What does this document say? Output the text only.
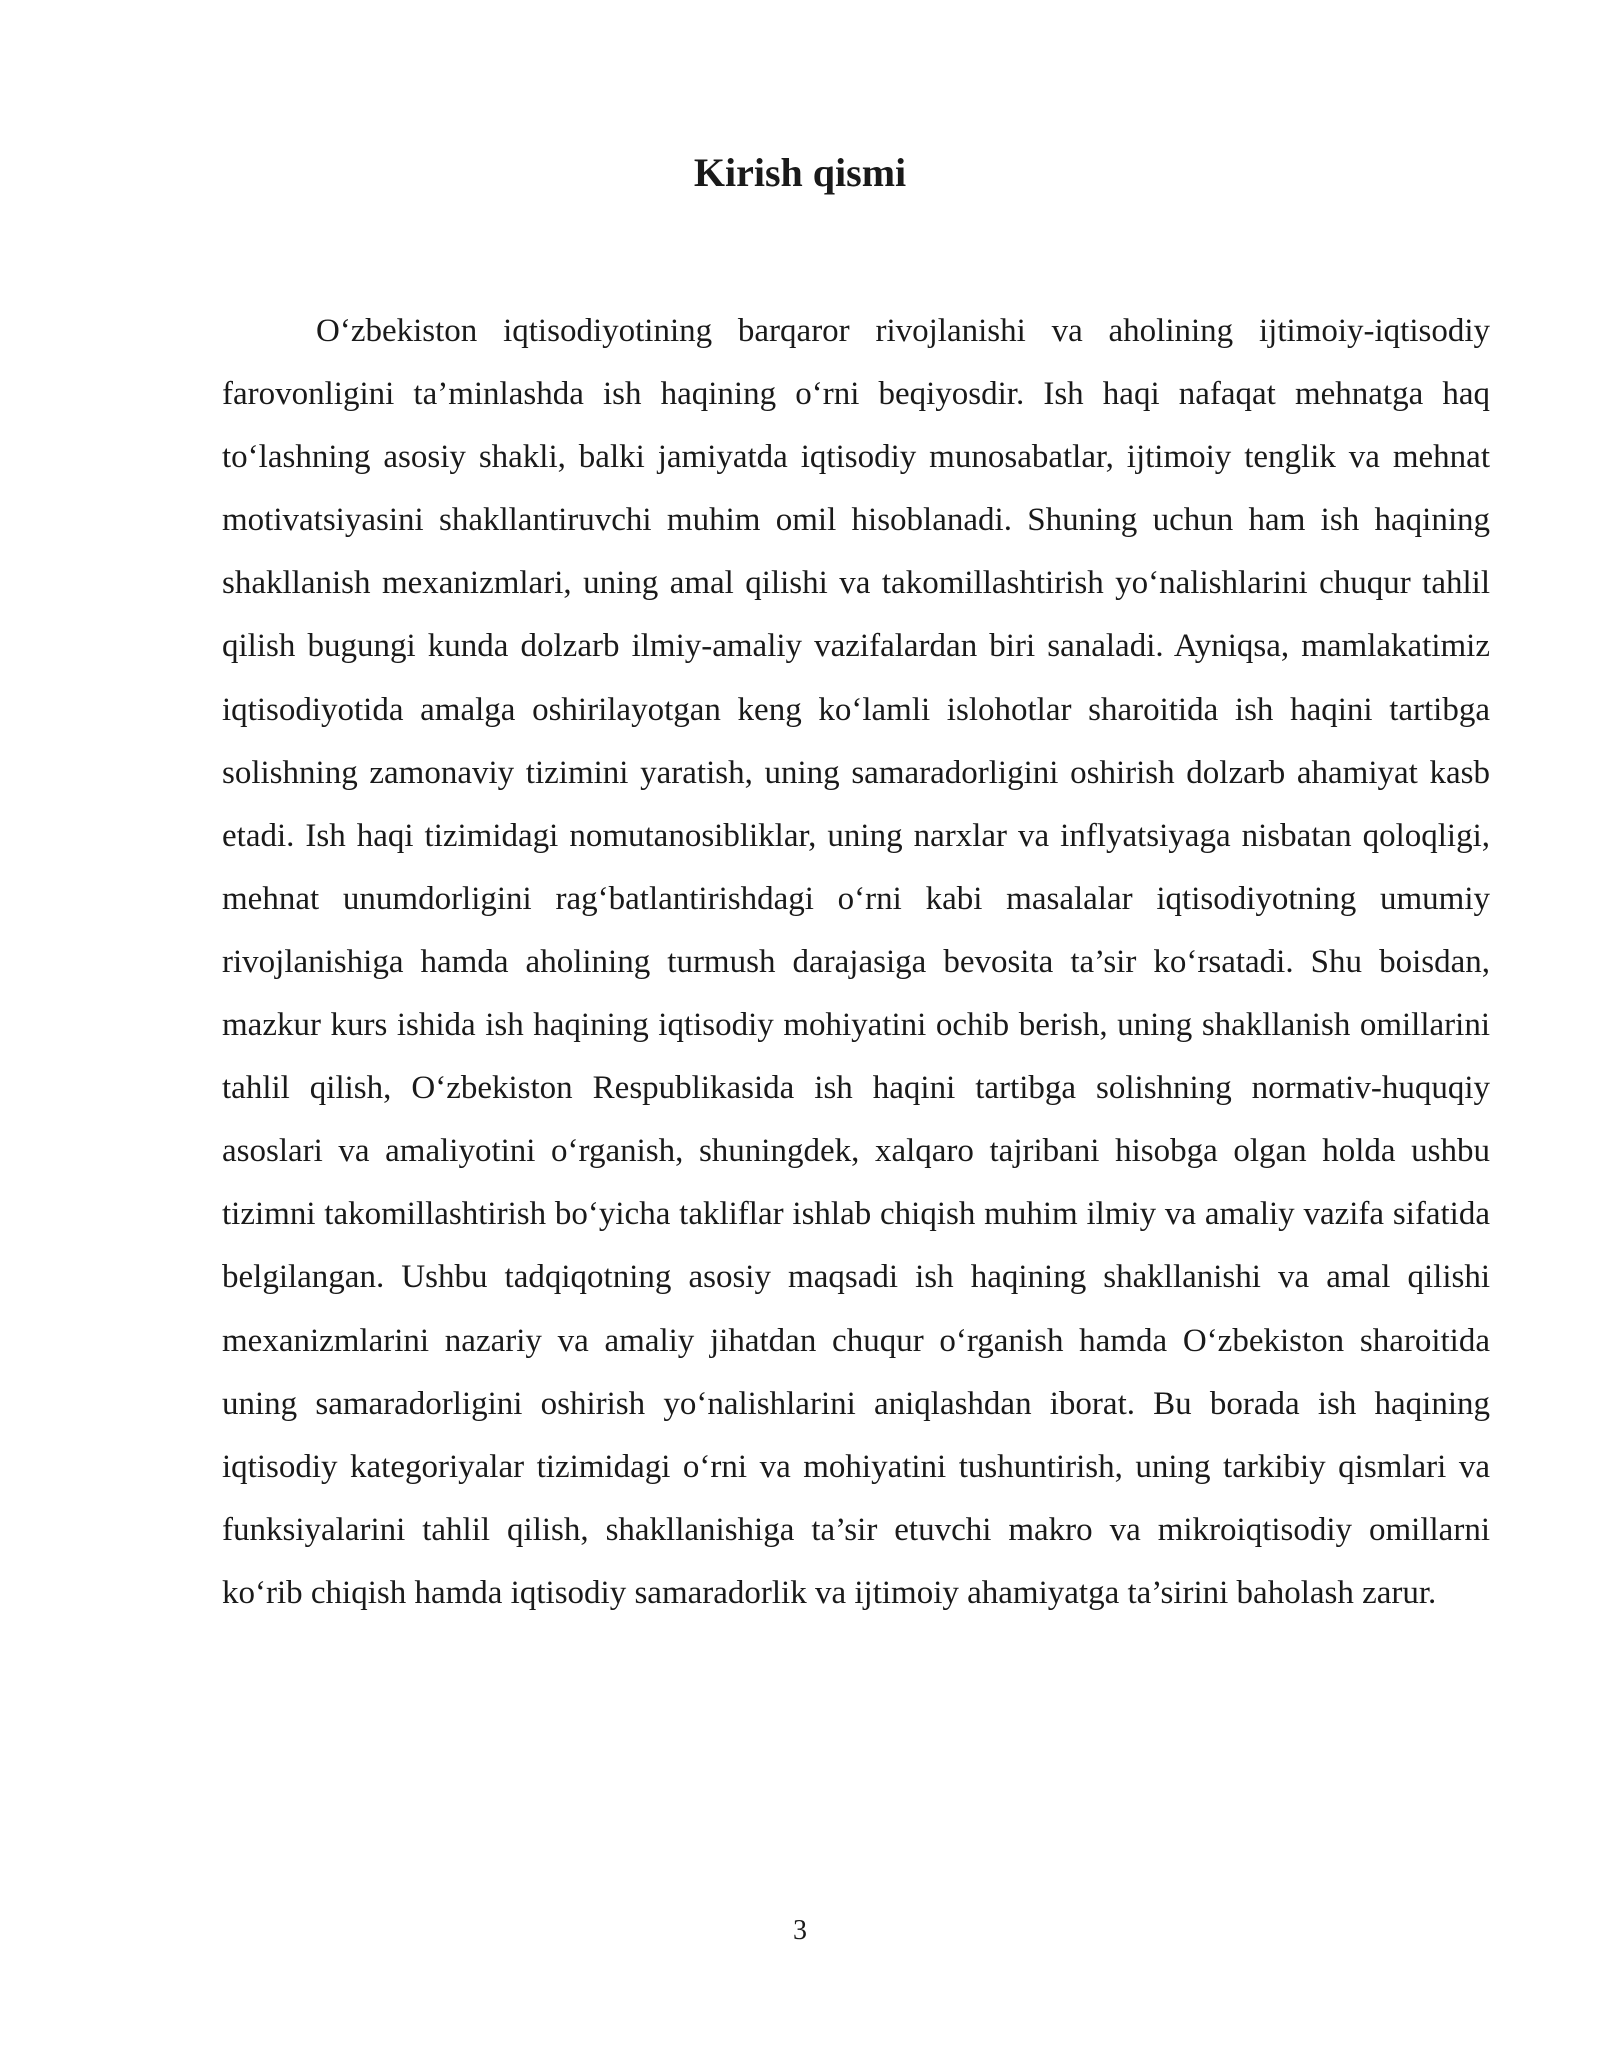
Kirish qismi

O‘zbekiston iqtisodiyotining barqaror rivojlanishi va aholining ijtimoiy-iqtisodiy farovonligini ta’minlashda ish haqining o‘rni beqiyosdir. Ish haqi nafaqat mehnatga haq to‘lashning asosiy shakli, balki jamiyatda iqtisodiy munosabatlar, ijtimoiy tenglik va mehnat motivatsiyasini shakllantiruvchi muhim omil hisoblanadi. Shuning uchun ham ish haqining shakllanish mexanizmlari, uning amal qilishi va takomillashtirish yo‘nalishlarini chuqur tahlil qilish bugungi kunda dolzarb ilmiy-amaliy vazifalardan biri sanaladi. Ayniqsa, mamlakatimiz iqtisodiyotida amalga oshirilayotgan keng ko‘lamli islohotlar sharoitida ish haqini tartibga solishning zamonaviy tizimini yaratish, uning samaradorligini oshirish dolzarb ahamiyat kasb etadi. Ish haqi tizimidagi nomutanosibliklar, uning narxlar va inflyatsiyaga nisbatan qoloqligi, mehnat unumdorligini rag‘batlantirishdagi o‘rni kabi masalalar iqtisodiyotning umumiy rivojlanishiga hamda aholining turmush darajasiga bevosita ta’sir ko‘rsatadi. Shu boisdan, mazkur kurs ishida ish haqining iqtisodiy mohiyatini ochib berish, uning shakllanish omillarini tahlil qilish, O‘zbekiston Respublikasida ish haqini tartibga solishning normativ-huquqiy asoslari va amaliyotini o‘rganish, shuningdek, xalqaro tajribani hisobga olgan holda ushbu tizimni takomillashtirish bo‘yicha takliflar ishlab chiqish muhim ilmiy va amaliy vazifa sifatida belgilangan. Ushbu tadqiqotning asosiy maqsadi ish haqining shakllanishi va amal qilishi mexanizmlarini nazariy va amaliy jihatdan chuqur o‘rganish hamda O‘zbekiston sharoitida uning samaradorligini oshirish yo‘nalishlarini aniqlashdan iborat. Bu borada ish haqining iqtisodiy kategoriyalar tizimidagi o‘rni va mohiyatini tushuntirish, uning tarkibiy qismlari va funksiyalarini tahlil qilish, shakllanishiga ta’sir etuvchi makro va mikroiqtisodiy omillarni ko‘rib chiqish hamda iqtisodiy samaradorlik va ijtimoiy ahamiyatga ta’sirini baholash zarur.

3
